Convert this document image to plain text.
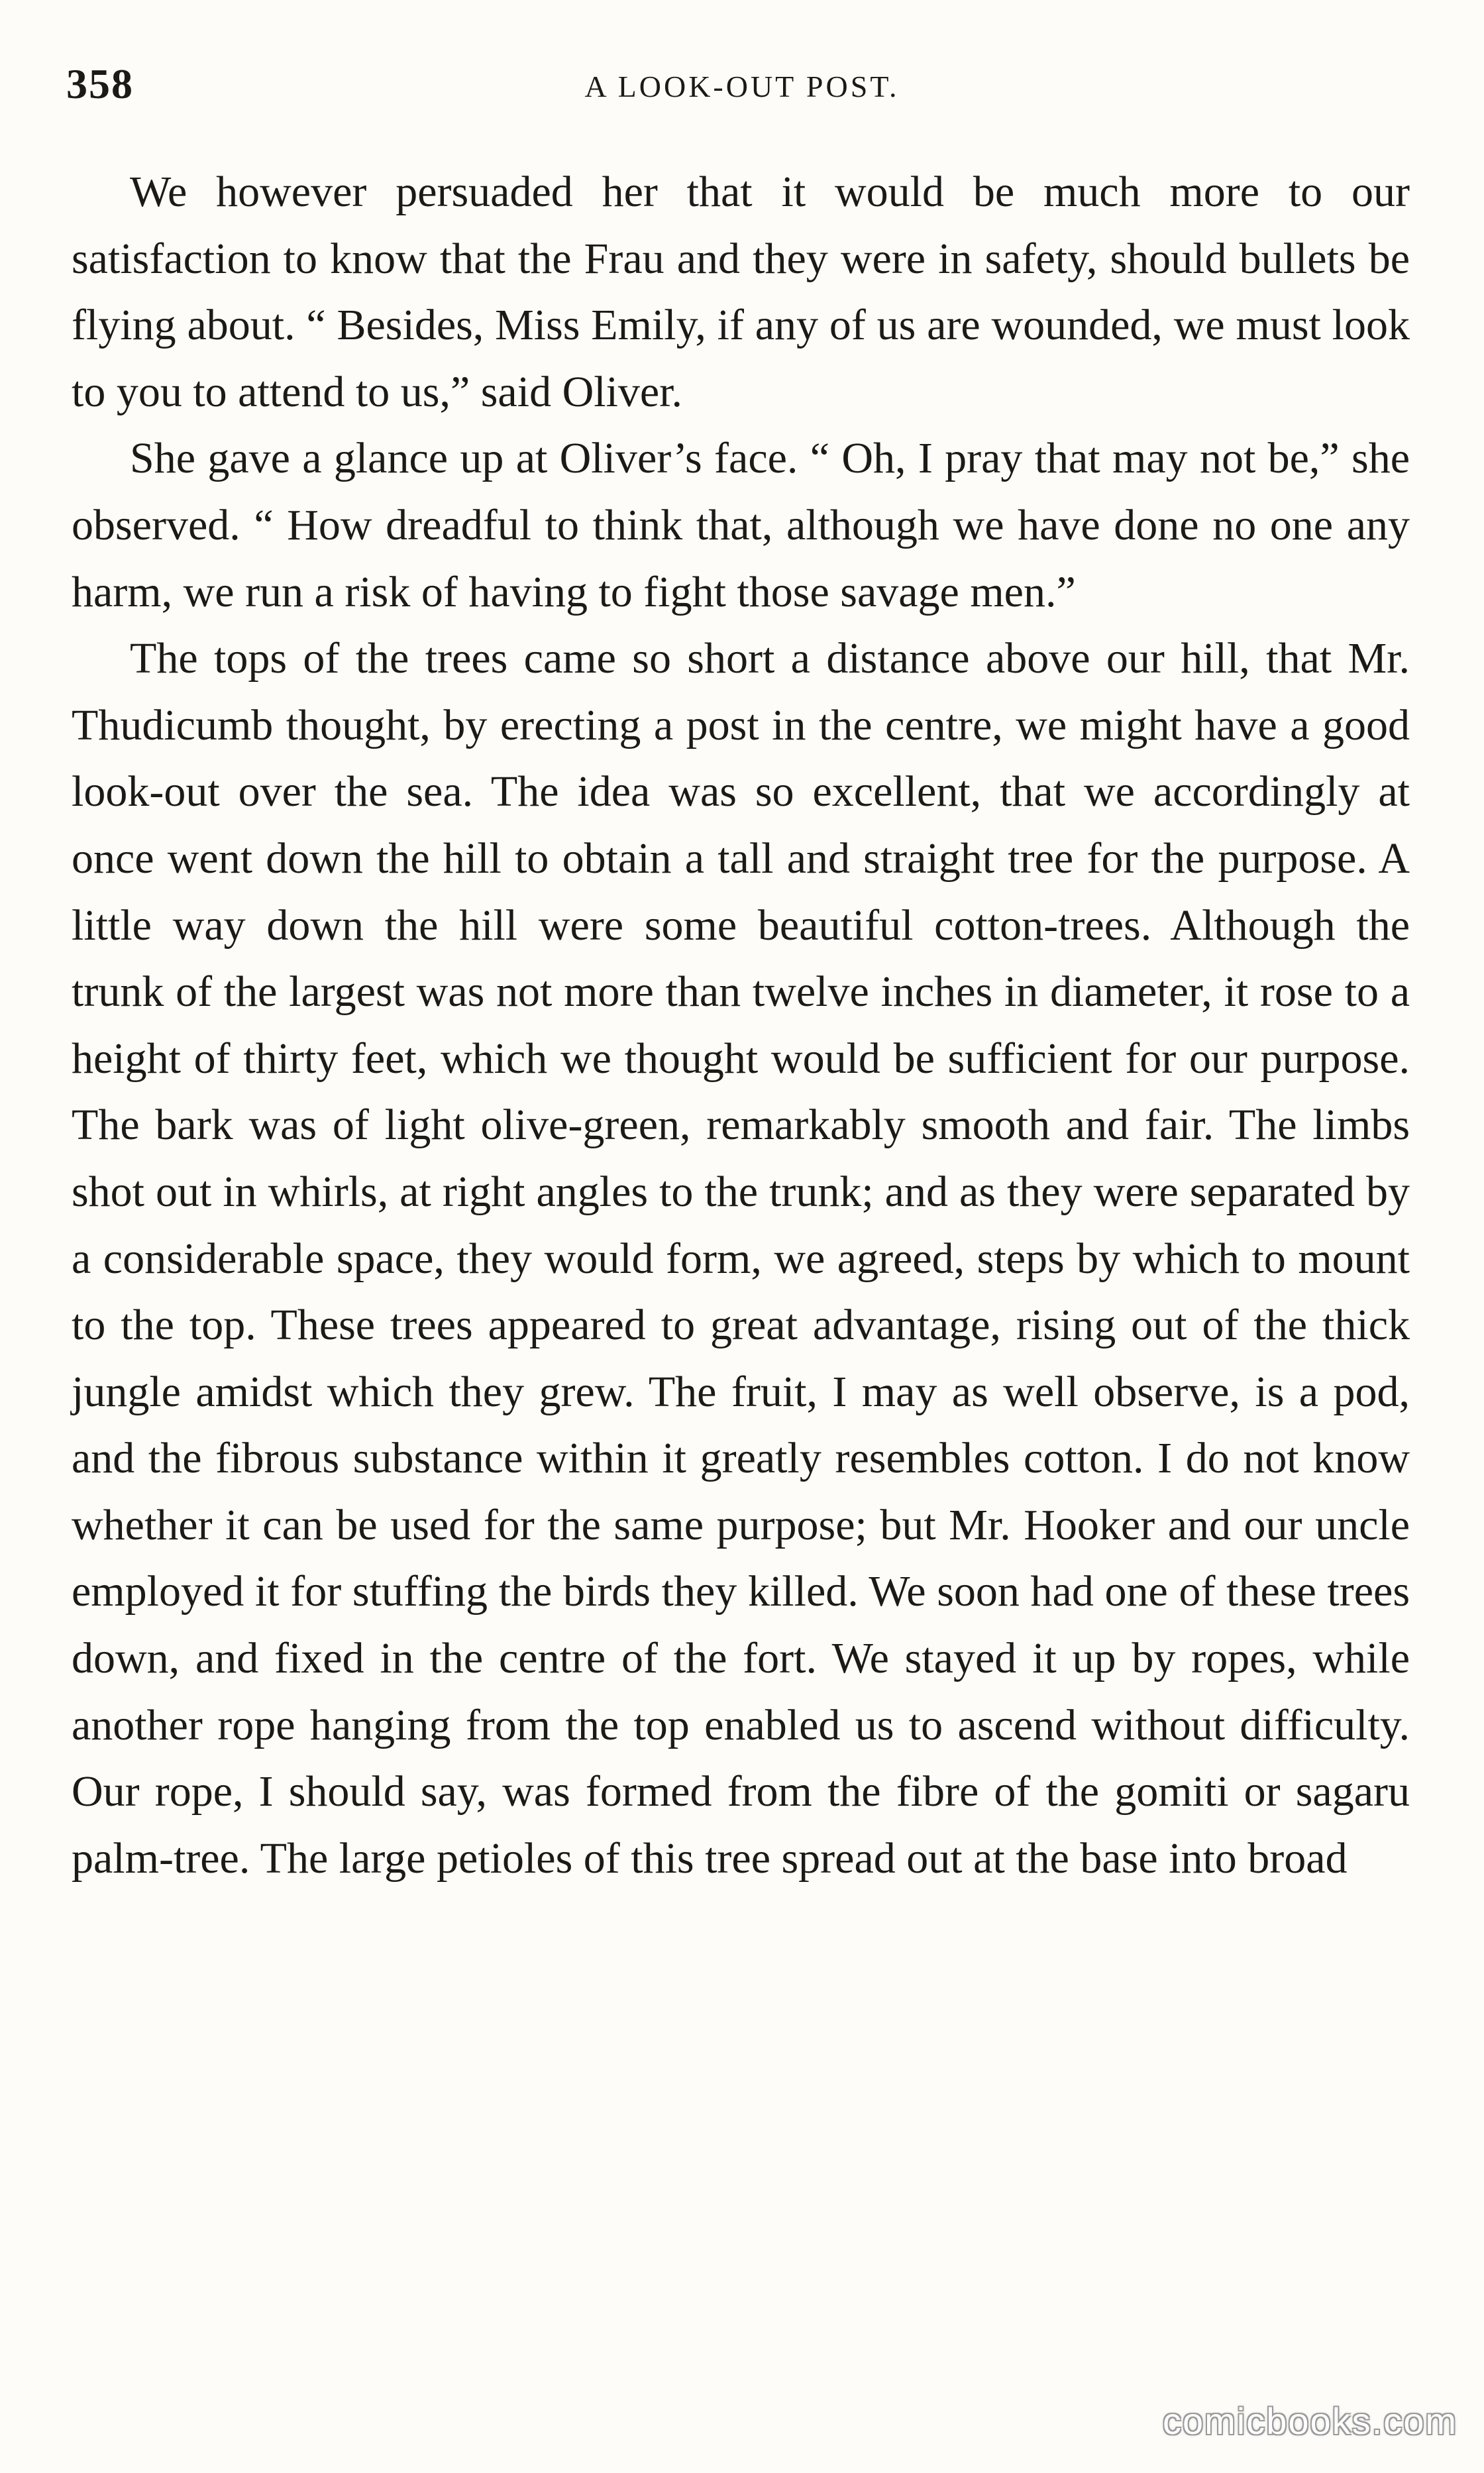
358	A LOOK-OUT POST.

We however persuaded her that it would be much more to our satisfaction to know that the Frau and they were in safety, should bullets be flying about. “ Besides, Miss Emily, if any of us are wounded, we must look to you to attend to us,” said Oliver.

She gave a glance up at Oliver’s face. “ Oh, I pray that may not be,” she observed. “ How dreadful to think that, although we have done no one any harm, we run a risk of having to fight those savage men.”

The tops of the trees came so short a distance above our hill, that Mr. Thudicumb thought, by erecting a post in the centre, we might have a good look-out over the sea. The idea was so excellent, that we accordingly at once went down the hill to obtain a tall and straight tree for the purpose. A little way down the hill were some beautiful cotton-trees. Although the trunk of the largest was not more than twelve inches in diameter, it rose to a height of thirty feet, which we thought would be sufficient for our purpose. The bark was of light olive-green, remarkably smooth and fair. The limbs shot out in whirls, at right angles to the trunk; and as they were separated by a considerable space, they would form, we agreed, steps by which to mount to the top. These trees appeared to great advantage, rising out of the thick jungle amidst which they grew. The fruit, I may as well observe, is a pod, and the fibrous substance within it greatly resembles cotton. I do not know whether it can be used for the same purpose; but Mr. Hooker and our uncle employed it for stuffing the birds they killed. We soon had one of these trees down, and fixed in the centre of the fort. We stayed it up by ropes, while another rope hanging from the top enabled us to ascend without difficulty. Our rope, I should say, was formed from the fibre of the gomiti or sagaru palm-tree. The large petioles of this tree spread out at the base into broad

comicbooks.com
